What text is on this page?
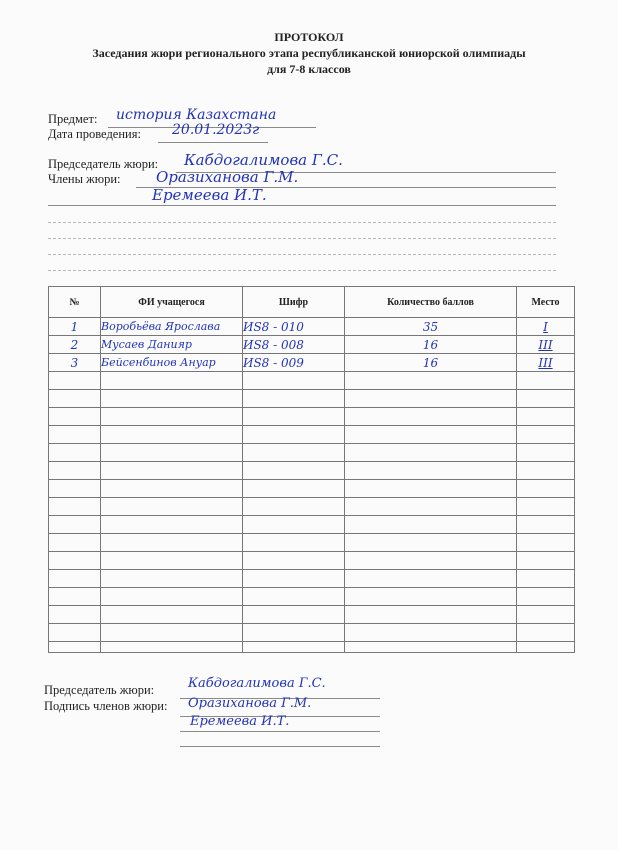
ПРОТОКОЛ
Заседания жюри регионального этапа республиканской юниорской олимпиады
для 7-8 классов
Предмет: история Казахстана
Дата проведения: 20.01.2023г
Председатель жюри: Кабдогалимова Г.С.
Члены жюри: Оразиханова Г.М.
Еремеева И.Т.
№	ФИ учащегося	Шифр	Количество баллов	Место

1	Воробьёва Ярослава	ИS8 - 010	35	I

2	Мусаев Данияр	ИS8 - 008	16	III

3	Бейсенбинов Ануар	ИS8 - 009	16	III

Председатель жюри:	Кабдогалимова Г.С.
Подпись членов жюри: Оразиханова Г.М.
Еремеева И.Т.
